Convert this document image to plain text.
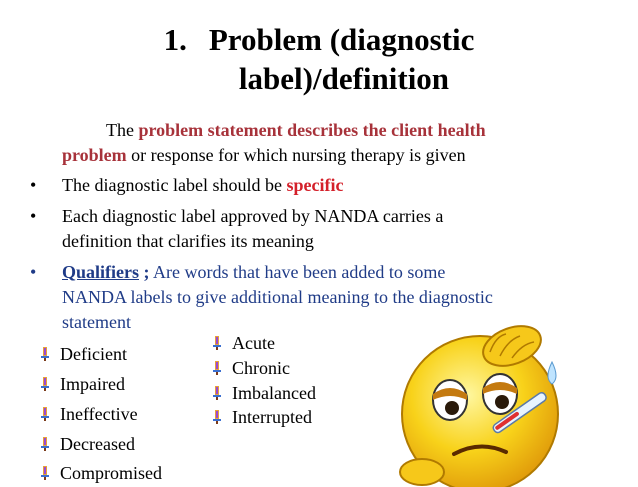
1. Problem (diagnostic
label)/definition
The problem statement describes the client health
problem or response for which nursing therapy is given
• The diagnostic label should be specific
• Each diagnostic label approved by NANDA carries a
definition that clarifies its meaning
• Qualifiers ; Are words that have been added to some
NANDA labels to give additional meaning to the diagnostic
statement
Deficient
Impaired
Ineffective
Decreased
Compromised
Acute
Chronic
Imbalanced
Interrupted
